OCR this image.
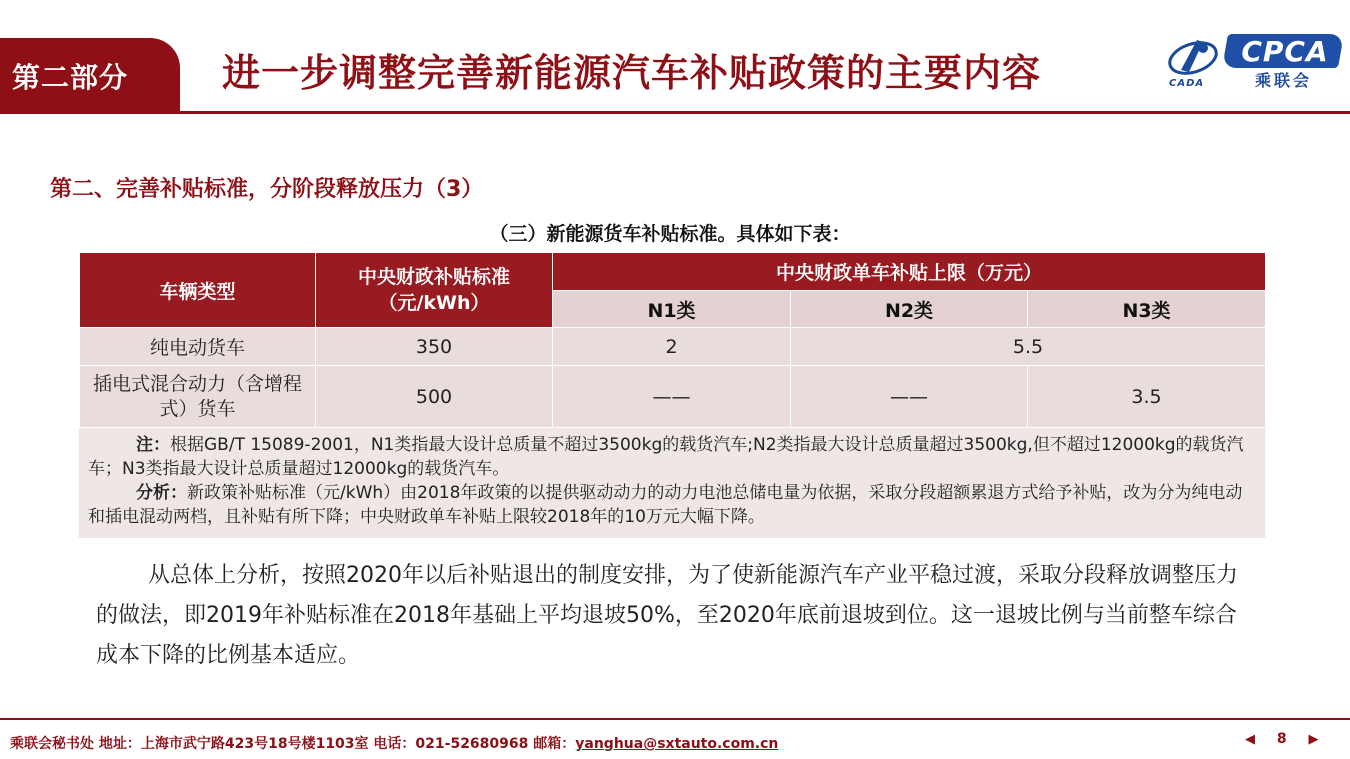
第二部分 进一步调整完善新能源汽车补贴政策的主要内容	CADA
CPCA
乘联会
第二、完善补贴标准，分阶段释放压力（3）
（三）新能源货车补贴标准。具体如下表：
车辆类型	中央财政补贴标准（元/kWh）	中央财政单车补贴上限（万元）		
		N1类	N2类	N3类
纯电动货车	350	2	5.5	
插电式混合动力（含增程式）货车	500	——	——	3.5
注：根据GB/T 15089-2001，N1类指最大设计总质量不超过3500kg的载货汽车;N2类指最大设计总质量超过3500kg,但不超过12000kg的载货汽车；N3类指最大设计总质量超过12000kg的载货汽车。
分析：新政策补贴标准（元/kWh）由2018年政策的以提供驱动动力的动力电池总储电量为依据，采取分段超额累退方式给予补贴，改为分为纯电动和插电混动两档，且补贴有所下降；中央财政单车补贴上限较2018年的10万元大幅下降。
从总体上分析，按照2020年以后补贴退出的制度安排，为了使新能源汽车产业平稳过渡，采取分段释放调整压力的做法，即2019年补贴标准在2018年基础上平均退坡50%，至2020年底前退坡到位。这一退坡比例与当前整车综合成本下降的比例基本适应。
乘联会秘书处 地址：上海市武宁路423号18号楼1103室 电话：021-52680968 邮箱：yanghua@sxtauto.com.cn	◀ 8 ▶
